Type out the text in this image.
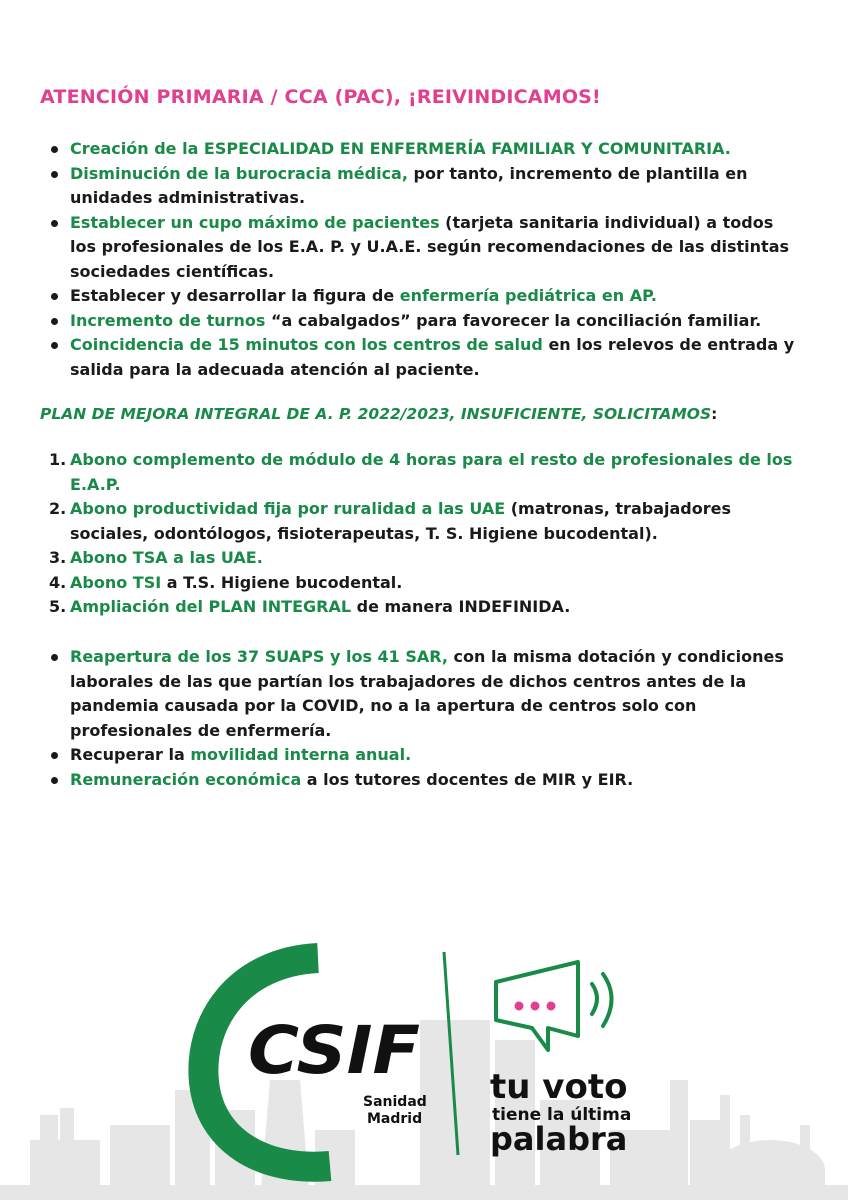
ATENCIÓN PRIMARIA / CCA (PAC), ¡REIVINDICAMOS!
Creación de la ESPECIALIDAD EN ENFERMERÍA FAMILIAR Y COMUNITARIA.
Disminución de la burocracia médica, por tanto, incremento de plantilla en unidades administrativas.
Establecer un cupo máximo de pacientes (tarjeta sanitaria individual) a todos los profesionales de los E.A. P. y U.A.E. según recomendaciones de las distintas sociedades científicas.
Establecer y desarrollar la figura de enfermería pediátrica en AP.
Incremento de turnos “a cabalgados” para favorecer la conciliación familiar.
Coincidencia de 15 minutos con los centros de salud en los relevos de entrada y salida para la adecuada atención al paciente.

PLAN DE MEJORA INTEGRAL DE A. P. 2022/2023, INSUFICIENTE, SOLICITAMOS:

1. Abono complemento de módulo de 4 horas para el resto de profesionales de los E.A.P.
2. Abono productividad fija por ruralidad a las UAE (matronas, trabajadores sociales, odontólogos, fisioterapeutas, T. S. Higiene bucodental).
3. Abono TSA a las UAE.
4. Abono TSI a T.S. Higiene bucodental.
5. Ampliación del PLAN INTEGRAL de manera INDEFINIDA.
Reapertura de los 37 SUAPS y los 41 SAR, con la misma dotación y condiciones laborales de las que partían los trabajadores de dichos centros antes de la pandemia causada por la COVID, no a la apertura de centros solo con profesionales de enfermería.
Recuperar la movilidad interna anual.
Remuneración económica a los tutores docentes de MIR y EIR.
CSIF
Sanidad
Madrid
tu voto
tiene la última
palabra
